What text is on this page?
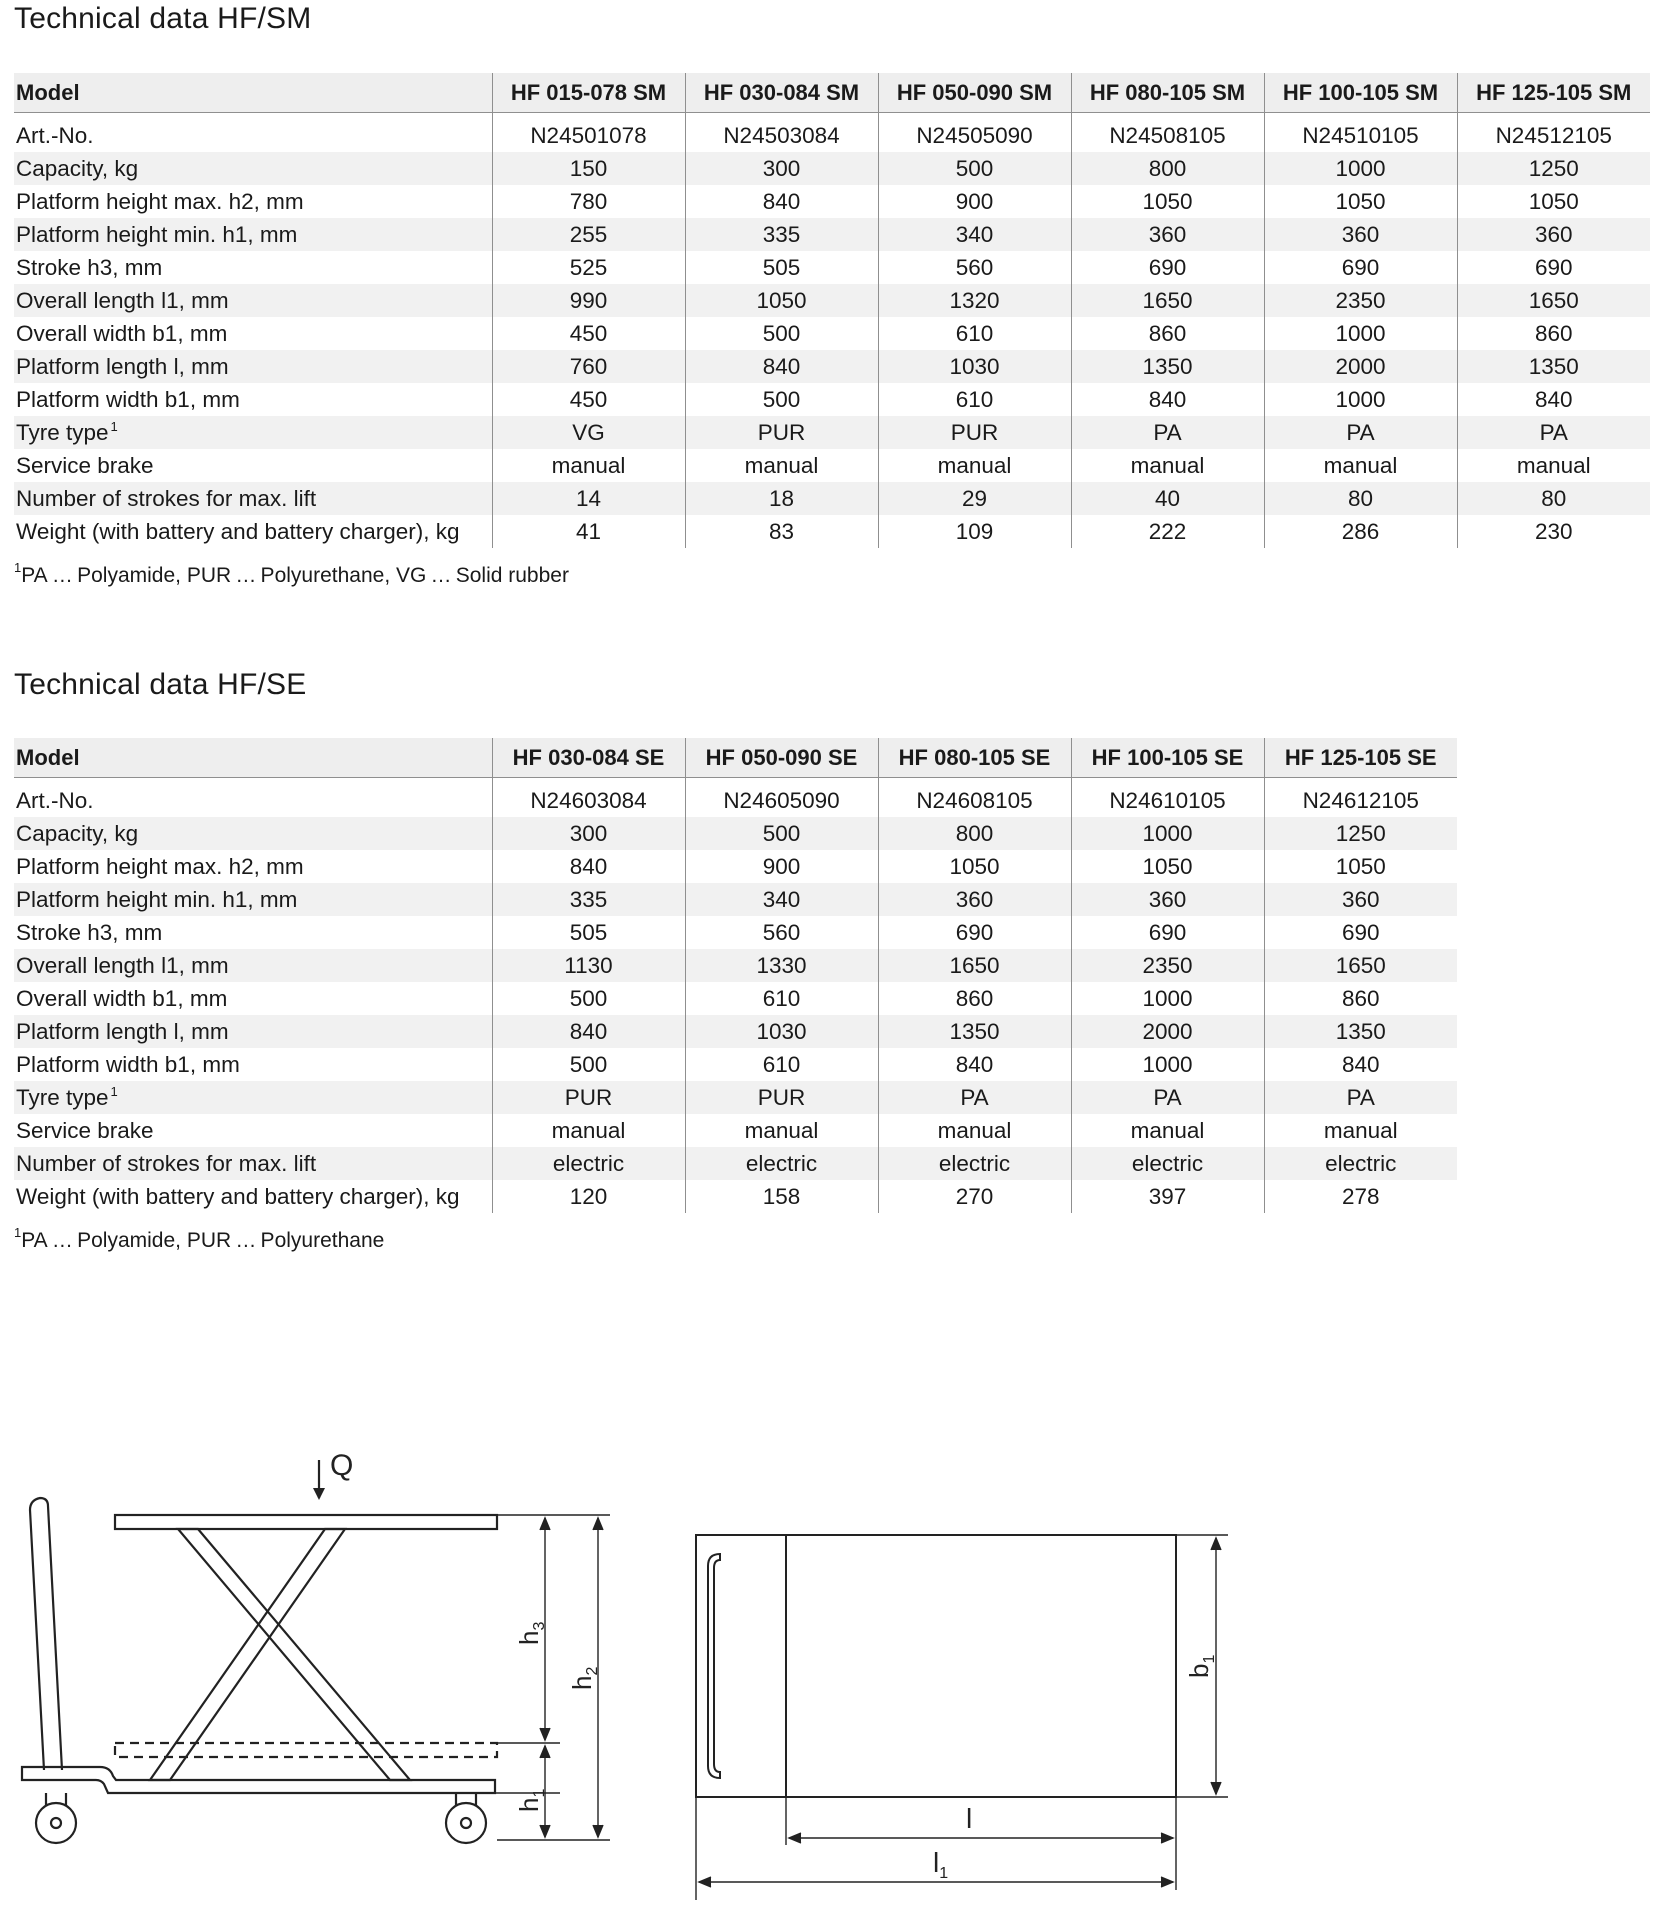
Technical data HF/SM
Model	HF 015-078 SM	HF 030-084 SM	HF 050-090 SM	HF 080-105 SM	HF 100-105 SM	HF 125-105 SM
Art.-No.	N24501078	N24503084	N24505090	N24508105	N24510105	N24512105
Capacity, kg	150	300	500	800	1000	1250
Platform height max. h2, mm	780	840	900	1050	1050	1050
Platform height min. h1, mm	255	335	340	360	360	360
Stroke h3, mm	525	505	560	690	690	690
Overall length l1, mm	990	1050	1320	1650	2350	1650
Overall width b1, mm	450	500	610	860	1000	860
Platform length l, mm	760	840	1030	1350	2000	1350
Platform width b1, mm	450	500	610	840	1000	840
Tyre type $^1$	VG	PUR	PUR	PA	PA	PA
Service brake	manual	manual	manual	manual	manual	manual
Number of strokes for max. lift	14	18	29	40	80	80
Weight (with battery and battery charger), kg	41	83	109	222	286	230
$^1$PA … Polyamide, PUR … Polyurethane, VG … Solid rubber
Technical data HF/SE
Model	HF 030-084 SE	HF 050-090 SE	HF 080-105 SE	HF 100-105 SE	HF 125-105 SE
Art.-No.	N24603084	N24605090	N24608105	N24610105	N24612105
Capacity, kg	300	500	800	1000	1250
Platform height max. h2, mm	840	900	1050	1050	1050
Platform height min. h1, mm	335	340	360	360	360
Stroke h3, mm	505	560	690	690	690
Overall length l1, mm	1130	1330	1650	2350	1650
Overall width b1, mm	500	610	860	1000	860
Platform length l, mm	840	1030	1350	2000	1350
Platform width b1, mm	500	610	840	1000	840
Tyre type $^1$	PUR	PUR	PA	PA	PA
Service brake	manual	manual	manual	manual	manual
Number of strokes for max. lift	electric	electric	electric	electric	electric
Weight (with battery and battery charger), kg	120	158	270	397	278
$^1$PA … Polyamide, PUR … Polyurethane
Q
$h_3$
$h_1$
$h_2$	$b_1$
l
$l_1$
